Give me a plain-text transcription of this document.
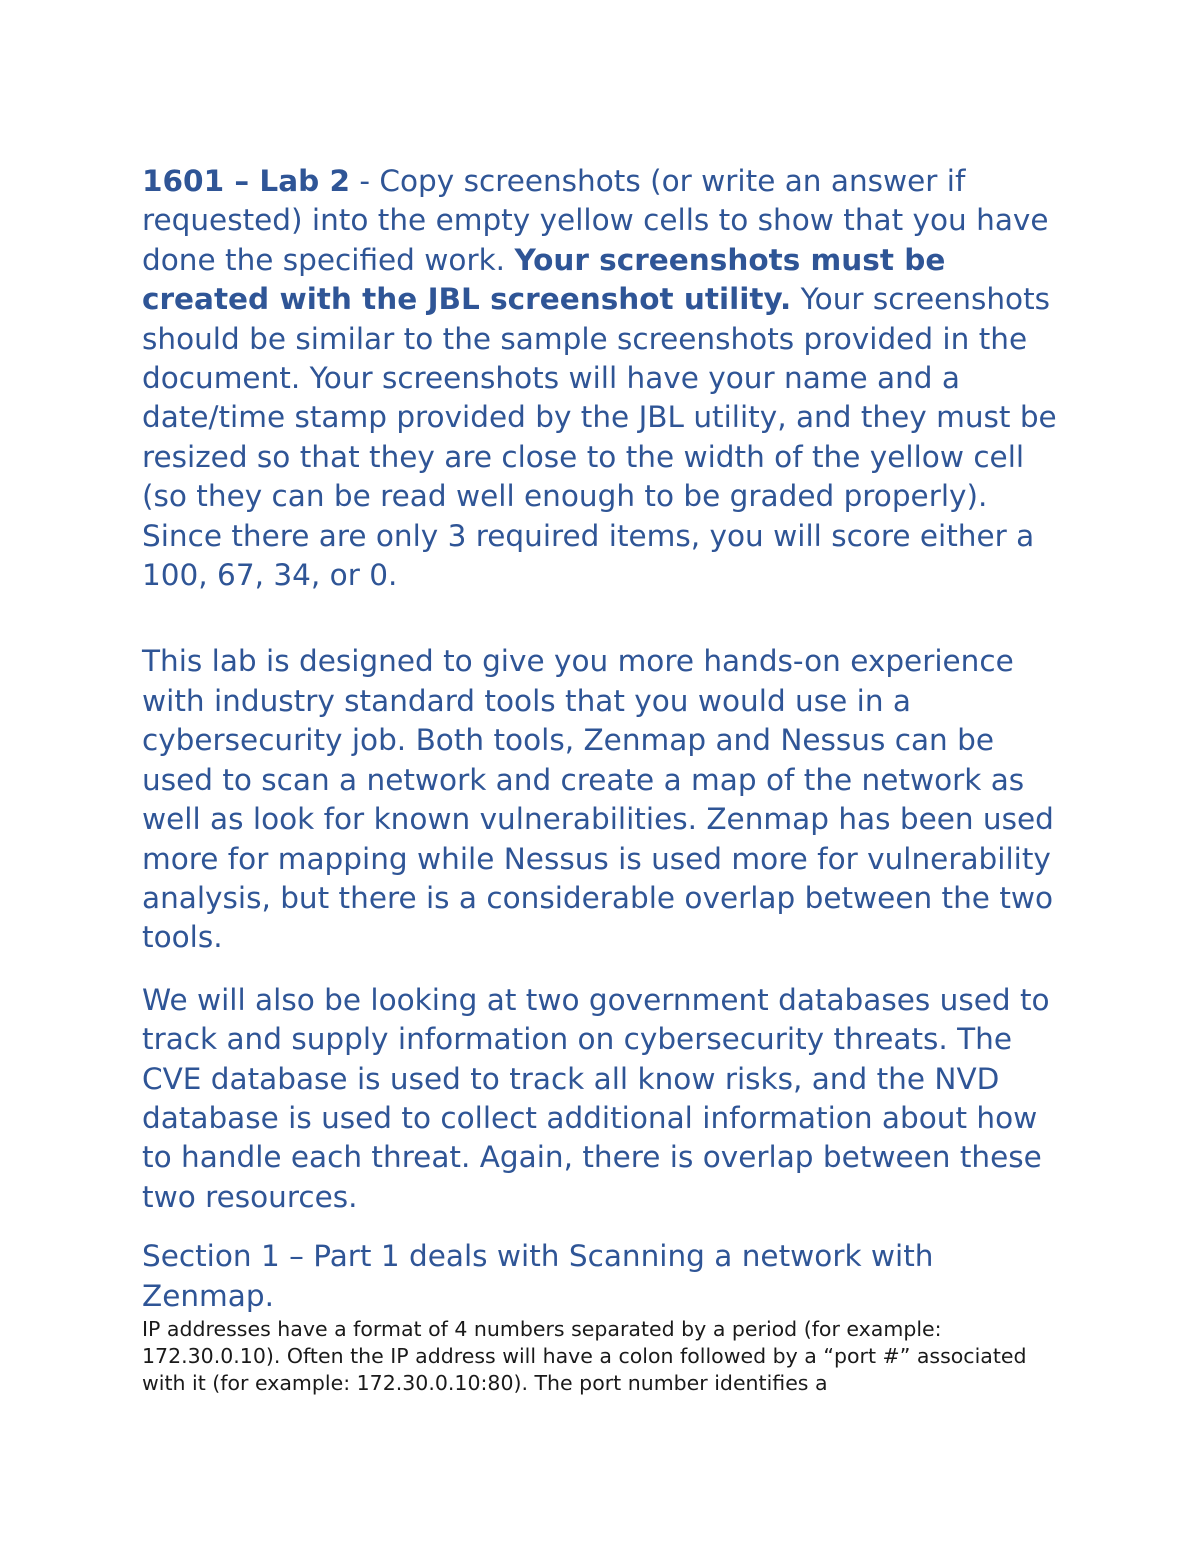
1601 – Lab 2 - Copy screenshots (or write an answer if requested) into the empty yellow cells to show that you have done the specified work. Your screenshots must be created with the JBL screenshot utility. Your screenshots should be similar to the sample screenshots provided in the document. Your screenshots will have your name and a date/time stamp provided by the JBL utility, and they must be resized so that they are close to the width of the yellow cell (so they can be read well enough to be graded properly). Since there are only 3 required items, you will score either a 100, 67, 34, or 0.

This lab is designed to give you more hands-on experience with industry standard tools that you would use in a cybersecurity job. Both tools, Zenmap and Nessus can be used to scan a network and create a map of the network as well as look for known vulnerabilities. Zenmap has been used more for mapping while Nessus is used more for vulnerability analysis, but there is a considerable overlap between the two tools.

We will also be looking at two government databases used to track and supply information on cybersecurity threats. The CVE database is used to track all know risks, and the NVD database is used to collect additional information about how to handle each threat. Again, there is overlap between these two resources.

Section 1 – Part 1 deals with Scanning a network with Zenmap.

IP addresses have a format of 4 numbers separated by a period (for example: 172.30.0.10). Often the IP address will have a colon followed by a “port #” associated with it (for example: 172.30.0.10:80). The port number identifies a
